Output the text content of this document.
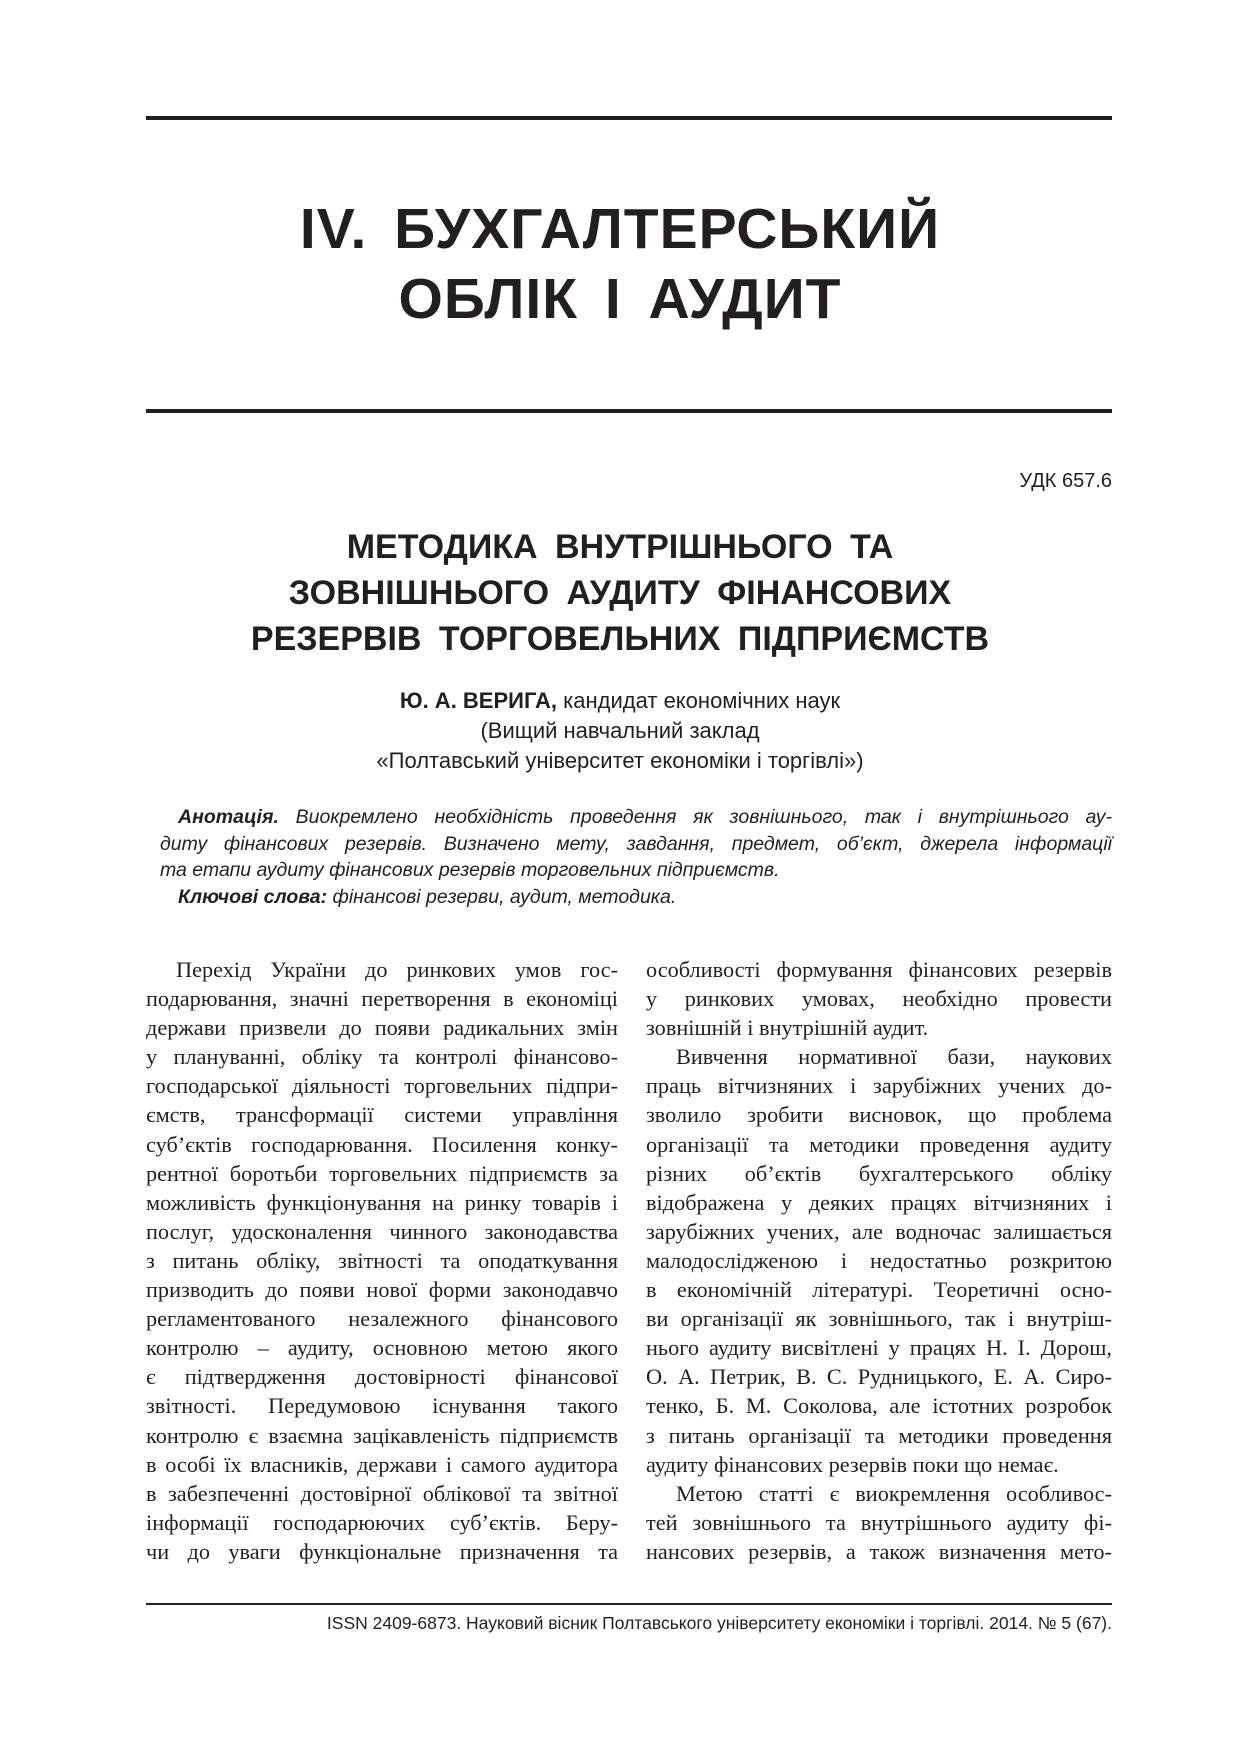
IV. БУХГАЛТЕРСЬКИЙ
ОБЛІК І АУДИТ
УДК 657.6
МЕТОДИКА ВНУТРІШНЬОГО ТА
ЗОВНІШНЬОГО АУДИТУ ФІНАНСОВИХ
РЕЗЕРВІВ ТОРГОВЕЛЬНИХ ПІДПРИЄМСТВ
Ю. А. ВЕРИГА, кандидат економічних наук
(Вищий навчальний заклад
«Полтавський університет економіки і торгівлі»)
Анотація. Виокремлено необхідність проведення як зовнішнього, так і внутрішнього ау-
диту фінансових резервів. Визначено мету, завдання, предмет, об’єкт, джерела інформації
та етапи аудиту фінансових резервів торговельних підприємств.
Ключові слова: фінансові резерви, аудит, методика.
Перехід України до ринкових умов гос-
подарювання, значні перетворення в економіці
держави призвели до появи радикальних змін
у плануванні, обліку та контролі фінансово-
господарської діяльності торговельних підпри-
ємств, трансформації системи управління
суб’єктів господарювання. Посилення конку-
рентної боротьби торговельних підприємств за
можливість функціонування на ринку товарів і
послуг, удосконалення чинного законодавства
з питань обліку, звітності та оподаткування
призводить до появи нової форми законодавчо
регламентованого незалежного фінансового
контролю – аудиту, основною метою якого
є підтвердження достовірності фінансової
звітності. Передумовою існування такого
контролю є взаємна зацікавленість підприємств
в особі їх власників, держави і самого аудитора
в забезпеченні достовірної облікової та звітної
інформації господарюючих суб’єктів. Беру-
чи до уваги функціональне призначення та
особливості формування фінансових резервів
у ринкових умовах, необхідно провести
зовнішній і внутрішній аудит.
Вивчення нормативної бази, наукових
праць вітчизняних і зарубіжних учених до-
зволило зробити висновок, що проблема
організації та методики проведення аудиту
різних об’єктів бухгалтерського обліку
відображена у деяких працях вітчизняних і
зарубіжних учених, але водночас залишається
малодослідженою і недостатньо розкритою
в економічній літературі. Теоретичні осно-
ви організації як зовнішнього, так і внутріш-
нього аудиту висвітлені у працях Н. І. Дорош,
О. А. Петрик, В. С. Рудницького, Е. А. Сиро-
тенко, Б. М. Соколова, але істотних розробок
з питань організації та методики проведення
аудиту фінансових резервів поки що немає.
Метою статті є виокремлення особливос-
тей зовнішнього та внутрішнього аудиту фі-
нансових резервів, а також визначення мето-
ISSN 2409-6873. Науковий вісник Полтавського університету економіки і торгівлі. 2014. № 5 (67).
